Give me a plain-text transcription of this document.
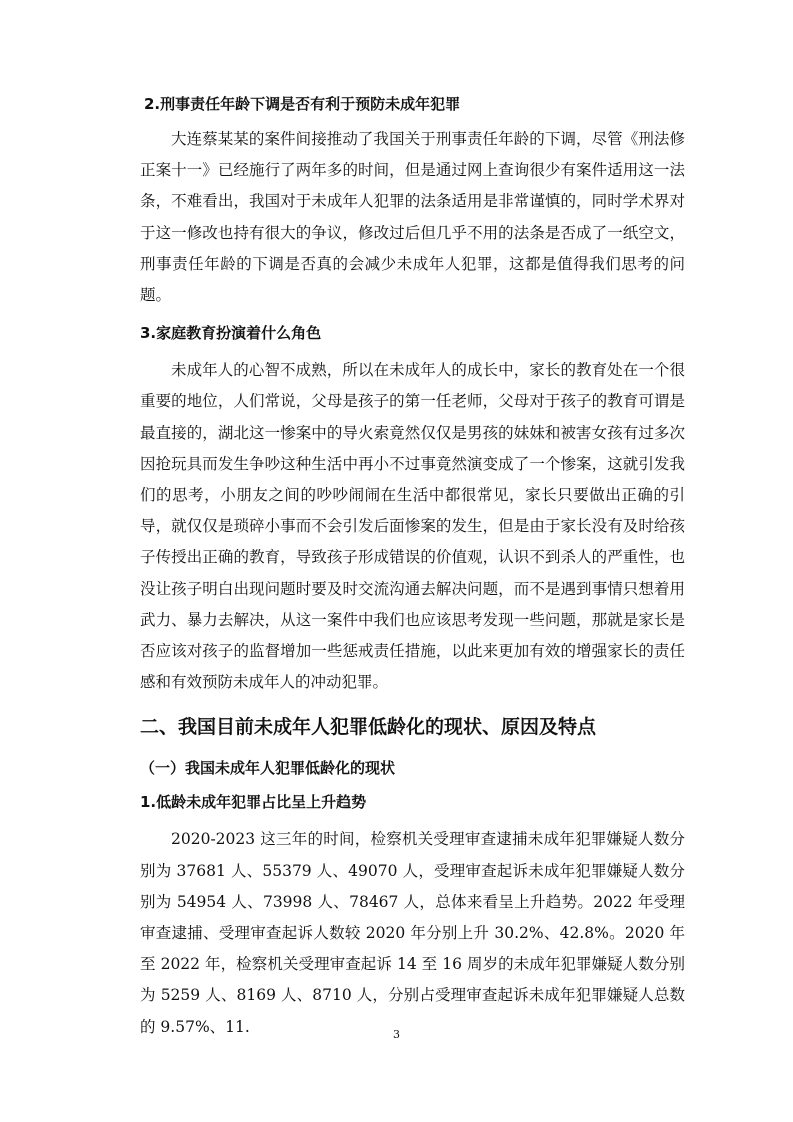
2.刑事责任年龄下调是否有利于预防未成年犯罪

大连蔡某某的案件间接推动了我国关于刑事责任年龄的下调，尽管《刑法修正案十一》已经施行了两年多的时间，但是通过网上查询很少有案件适用这一法条，不难看出，我国对于未成年人犯罪的法条适用是非常谨慎的，同时学术界对于这一修改也持有很大的争议，修改过后但几乎不用的法条是否成了一纸空文，刑事责任年龄的下调是否真的会减少未成年人犯罪，这都是值得我们思考的问题。

3.家庭教育扮演着什么角色

未成年人的心智不成熟，所以在未成年人的成长中，家长的教育处在一个很重要的地位，人们常说，父母是孩子的第一任老师，父母对于孩子的教育可谓是最直接的，湖北这一惨案中的导火索竟然仅仅是男孩的妹妹和被害女孩有过多次因抢玩具而发生争吵这种生活中再小不过事竟然演变成了一个惨案，这就引发我们的思考，小朋友之间的吵吵闹闹在生活中都很常见，家长只要做出正确的引导，就仅仅是琐碎小事而不会引发后面惨案的发生，但是由于家长没有及时给孩子传授出正确的教育，导致孩子形成错误的价值观，认识不到杀人的严重性，也没让孩子明白出现问题时要及时交流沟通去解决问题，而不是遇到事情只想着用武力、暴力去解决，从这一案件中我们也应该思考发现一些问题，那就是家长是否应该对孩子的监督增加一些惩戒责任措施，以此来更加有效的增强家长的责任感和有效预防未成年人的冲动犯罪。

二、我国目前未成年人犯罪低龄化的现状、原因及特点
（一）我国未成年人犯罪低龄化的现状
1.低龄未成年犯罪占比呈上升趋势

2020-2023 这三年的时间，检察机关受理审查逮捕未成年犯罪嫌疑人数分别为 37681 人、55379 人、49070 人，受理审查起诉未成年犯罪嫌疑人数分别为 54954 人、73998 人、78467 人，总体来看呈上升趋势。2022 年受理审查逮捕、受理审查起诉人数较 2020 年分别上升 30.2%、42.8%。2020 年至 2022 年，检察机关受理审查起诉 14 至 16 周岁的未成年犯罪嫌疑人数分别为 5259 人、8169 人、8710 人，分别占受理审查起诉未成年犯罪嫌疑人总数的 9.57%、11.	3
